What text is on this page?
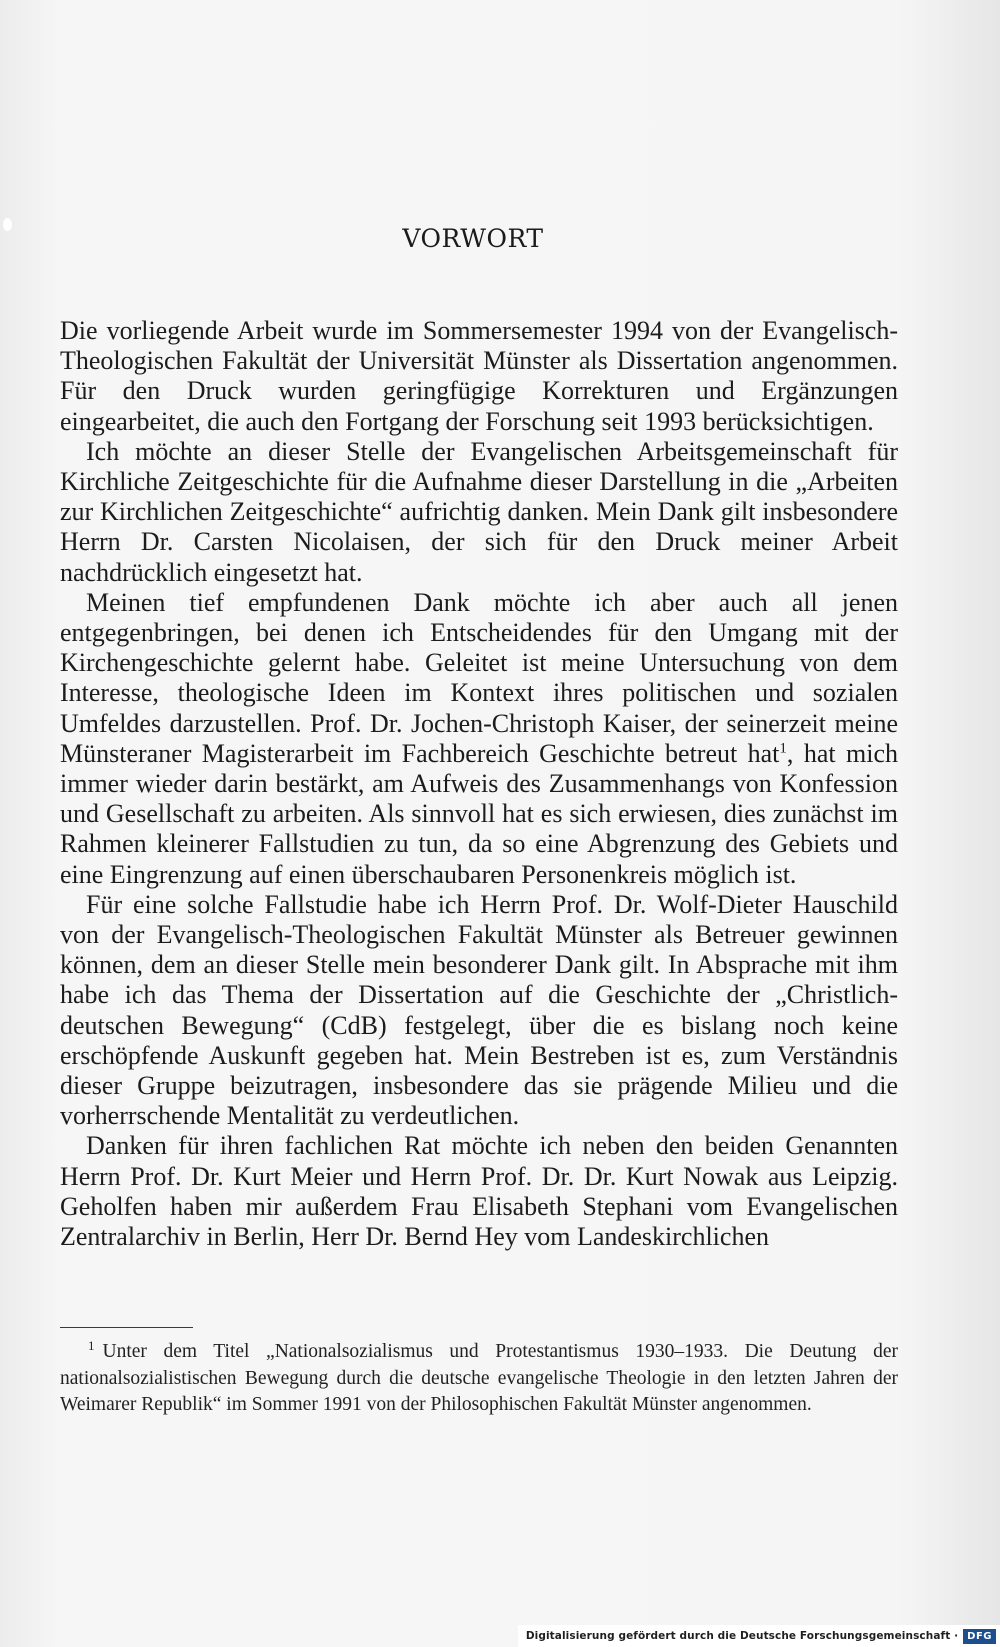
VORWORT

Die vorliegende Arbeit wurde im Sommersemester 1994 von der Evangelisch-Theologischen Fakultät der Universität Münster als Dissertation angenommen. Für den Druck wurden geringfügige Korrekturen und Ergänzungen eingearbeitet, die auch den Fortgang der Forschung seit 1993 berücksichtigen.

Ich möchte an dieser Stelle der Evangelischen Arbeitsgemeinschaft für Kirchliche Zeitgeschichte für die Aufnahme dieser Darstellung in die „Arbeiten zur Kirchlichen Zeitgeschichte“ aufrichtig danken. Mein Dank gilt insbesondere Herrn Dr. Carsten Nicolaisen, der sich für den Druck meiner Arbeit nachdrücklich eingesetzt hat.

Meinen tief empfundenen Dank möchte ich aber auch all jenen entgegenbringen, bei denen ich Entscheidendes für den Umgang mit der Kirchengeschichte gelernt habe. Geleitet ist meine Untersuchung von dem Interesse, theologische Ideen im Kontext ihres politischen und sozialen Umfeldes darzustellen. Prof. Dr. Jochen-Christoph Kaiser, der seinerzeit meine Münsteraner Magisterarbeit im Fachbereich Geschichte betreut hat$^1$, hat mich immer wieder darin bestärkt, am Aufweis des Zusammenhangs von Konfession und Gesellschaft zu arbeiten. Als sinnvoll hat es sich erwiesen, dies zunächst im Rahmen kleinerer Fallstudien zu tun, da so eine Abgrenzung des Gebiets und eine Eingrenzung auf einen überschaubaren Personenkreis möglich ist.

Für eine solche Fallstudie habe ich Herrn Prof. Dr. Wolf-Dieter Hauschild von der Evangelisch-Theologischen Fakultät Münster als Betreuer gewinnen können, dem an dieser Stelle mein besonderer Dank gilt. In Absprache mit ihm habe ich das Thema der Dissertation auf die Geschichte der „Christlich-deutschen Bewegung“ (CdB) festgelegt, über die es bislang noch keine erschöpfende Auskunft gegeben hat. Mein Bestreben ist es, zum Verständnis dieser Gruppe beizutragen, insbesondere das sie prägende Milieu und die vorherrschende Mentalität zu verdeutlichen.

Danken für ihren fachlichen Rat möchte ich neben den beiden Genannten Herrn Prof. Dr. Kurt Meier und Herrn Prof. Dr. Dr. Kurt Nowak aus Leipzig. Geholfen haben mir außerdem Frau Elisabeth Stephani vom Evangelischen Zentralarchiv in Berlin, Herr Dr. Bernd Hey vom Landeskirchlichen

$^1$ Unter dem Titel „Nationalsozialismus und Protestantismus 1930–1933. Die Deutung der nationalsozialistischen Bewegung durch die deutsche evangelische Theologie in den letzten Jahren der Weimarer Republik“ im Sommer 1991 von der Philosophischen Fakultät Münster angenommen.
Digitalisierung gefördert durch die Deutsche Forschungsgemeinschaft · DFG
